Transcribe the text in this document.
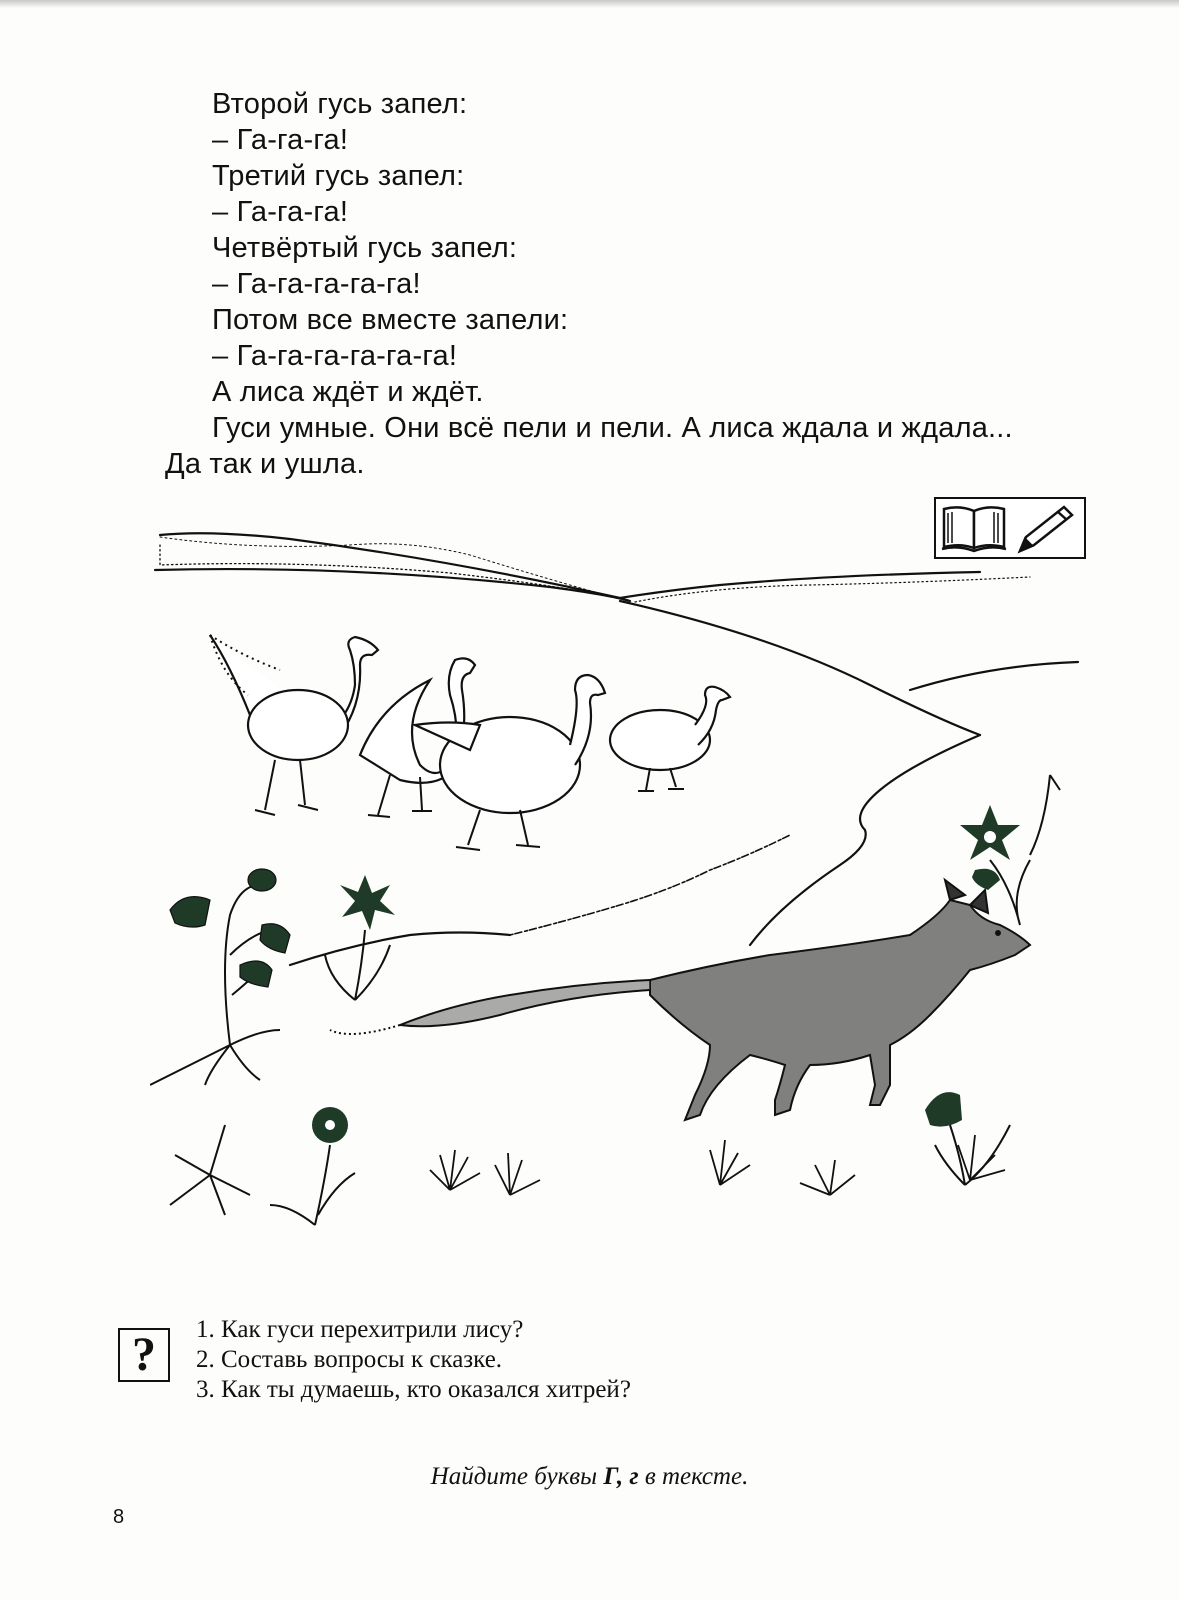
Второй гусь запел:
– Га-га-га!
Третий гусь запел:
– Га-га-га!
Четвёртый гусь запел:
– Га-га-га-га-га!
Потом все вместе запели:
– Га-га-га-га-га-га!
А лиса ждёт и ждёт.
Гуси умные. Они всё пели и пели. А лиса ждала и ждала...
Да так и ушла.
?	1. Как гуси перехитрили лису?
2. Составь вопросы к сказке.
3. Как ты думаешь, кто оказался хитрей?
Найдите буквы Г, г в тексте.
8
